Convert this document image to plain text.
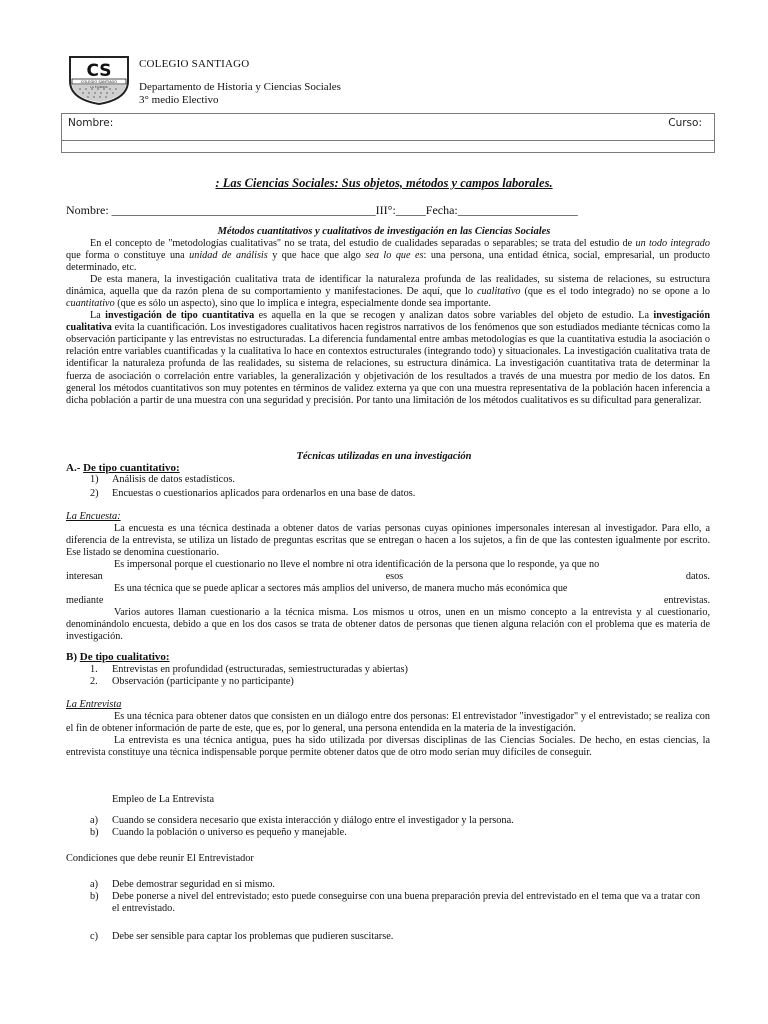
CS
COLEGIO SANTIAGO
LA FLORIDA
COLEGIO SANTIAGO
Departamento de Historia y Ciencias Sociales
3° medio Electivo
Nombre:	Curso:
: Las Ciencias Sociales: Sus objetos, métodos y campos laborales.
Nombre: ____________________________________________III°:_____Fecha:____________________
Métodos cuantitativos y cualitativos de investigación en las Ciencias Sociales

En el concepto de "metodologías cualitativas" no se trata, del estudio de cualidades separadas o separables; se trata del estudio de un todo integrado que forma o constituye una unidad de análisis y que hace que algo sea lo que es: una persona, una entidad étnica, social, empresarial, un producto determinado, etc.

De esta manera, la investigación cualitativa trata de identificar la naturaleza profunda de las realidades, su sistema de relaciones, su estructura dinámica, aquella que da razón plena de su comportamiento y manifestaciones. De aquí, que lo cualitativo (que es el todo integrado) no se opone a lo cuantitativo (que es sólo un aspecto), sino que lo implica e integra, especialmente donde sea importante.

La investigación de tipo cuantitativa es aquella en la que se recogen y analizan datos sobre variables del objeto de estudio. La investigación cualitativa evita la cuantificación. Los investigadores cualitativos hacen registros narrativos de los fenómenos que son estudiados mediante técnicas como la observación participante y las entrevistas no estructuradas. La diferencia fundamental entre ambas metodologías es que la cuantitativa estudia la asociación o relación entre variables cuantificadas y la cualitativa lo hace en contextos estructurales (integrando todo) y situacionales. La investigación cualitativa trata de identificar la naturaleza profunda de las realidades, su sistema de relaciones, su estructura dinámica. La investigación cuantitativa trata de determinar la fuerza de asociación o correlación entre variables, la generalización y objetivación de los resultados a través de una muestra por medio de los datos. En general los métodos cuantitativos son muy potentes en términos de validez externa ya que con una muestra representativa de la población hacen inferencia a dicha población a partir de una muestra con una seguridad y precisión. Por tanto una limitación de los métodos cualitativos es su dificultad para generalizar.

Técnicas utilizadas en una investigación
A.- De tipo cuantitativo:
1) Análisis de datos estadísticos.
2) Encuestas o cuestionarios aplicados para ordenarlos en una base de datos.
La Encuesta:

La encuesta es una técnica destinada a obtener datos de varias personas cuyas opiniones impersonales interesan al investigador. Para ello, a diferencia de la entrevista, se utiliza un listado de preguntas escritas que se entregan o hacen a los sujetos, a fin de que las contesten igualmente por escrito. Ese listado se denomina cuestionario.

Es impersonal porque el cuestionario no lleve el nombre ni otra identificación de la persona que lo responde, ya que no

interesan	esos	datos.

Es una técnica que se puede aplicar a sectores más amplios del universo, de manera mucho más económica que

mediante	entrevistas.

Varios autores llaman cuestionario a la técnica misma. Los mismos u otros, unen en un mismo concepto a la entrevista y al cuestionario, denominándolo encuesta, debido a que en los dos casos se trata de obtener datos de personas que tienen alguna relación con el problema que es materia de investigación.

B) De tipo cualitativo:
1. Entrevistas en profundidad (estructuradas, semiestructuradas y abiertas)
2. Observación (participante y no participante)
La Entrevista

Es una técnica para obtener datos que consisten en un diálogo entre dos personas: El entrevistador "investigador" y el entrevistado; se realiza con el fin de obtener información de parte de este, que es, por lo general, una persona entendida en la materia de la investigación.

La entrevista es una técnica antigua, pues ha sido utilizada por diversas disciplinas de las Ciencias Sociales. De hecho, en estas ciencias, la entrevista constituye una técnica indispensable porque permite obtener datos que de otro modo serían muy difíciles de conseguir.

Empleo de La Entrevista
a) Cuando se considera necesario que exista interacción y diálogo entre el investigador y la persona.
b) Cuando la población o universo es pequeño y manejable.
Condiciones que debe reunir El Entrevistador
a) Debe demostrar seguridad en si mismo.
b)	Debe ponerse a nivel del entrevistado; esto puede conseguirse con una buena preparación previa del entrevistado en el tema que va a tratar con el entrevistado.
c) Debe ser sensible para captar los problemas que pudieren suscitarse.
